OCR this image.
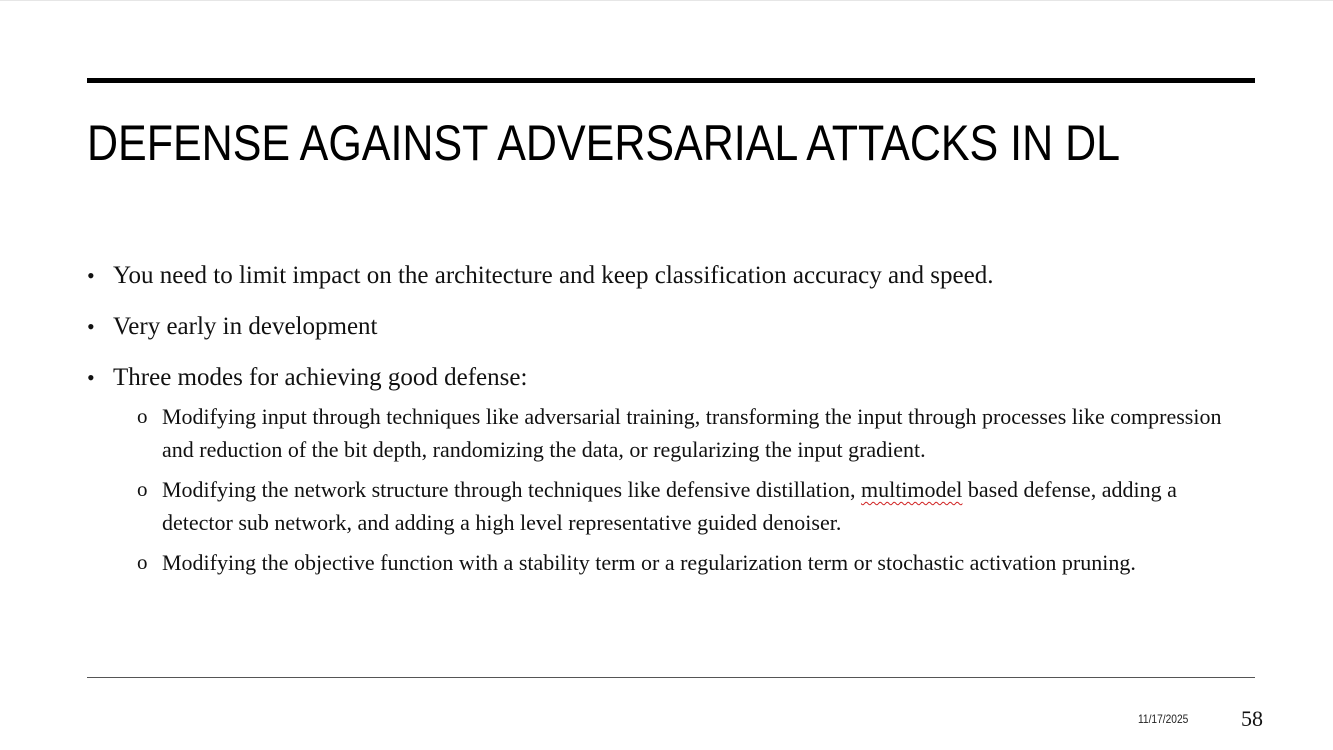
DEFENSE AGAINST ADVERSARIAL ATTACKS IN DL
• You need to limit impact on the architecture and keep classification accuracy and speed.
• Very early in development
• Three modes for achieving good defense:
o Modifying input through techniques like adversarial training, transforming the input through processes like compression and reduction of the bit depth, randomizing the data, or regularizing the input gradient.
o Modifying the network structure through techniques like defensive distillation, multimodel based defense, adding a detector sub network, and adding a high level representative guided denoiser.
o Modifying the objective function with a stability term or a regularization term or stochastic activation pruning.
11/17/2025 58
